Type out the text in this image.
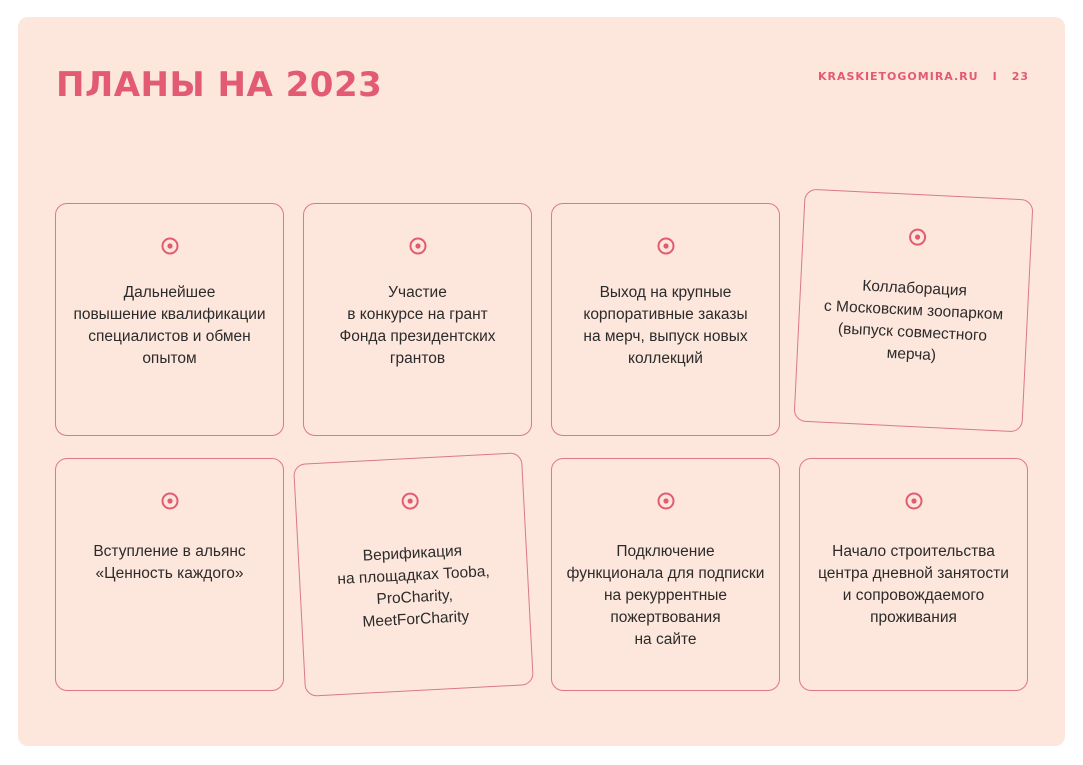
ПЛАНЫ НА 2023	KRASKIETOGOMIRA.RU I 23
Дальнейшее
повышение квалификации
специалистов и обмен
опытом
Участие
в конкурсе на грант
Фонда президентских
грантов
Выход на крупные
корпоративные заказы
на мерч, выпуск новых
коллекций
Коллаборация
с Московским зоопарком
(выпуск совместного
мерча)
Вступление в альянс
«Ценность каждого»
Верификация
на площадках Tooba,
ProCharity,
MeetForCharity
Подключение
функционала для подписки
на рекуррентные
пожертвования
на сайте
Начало строительства
центра дневной занятости
и сопровождаемого
проживания
